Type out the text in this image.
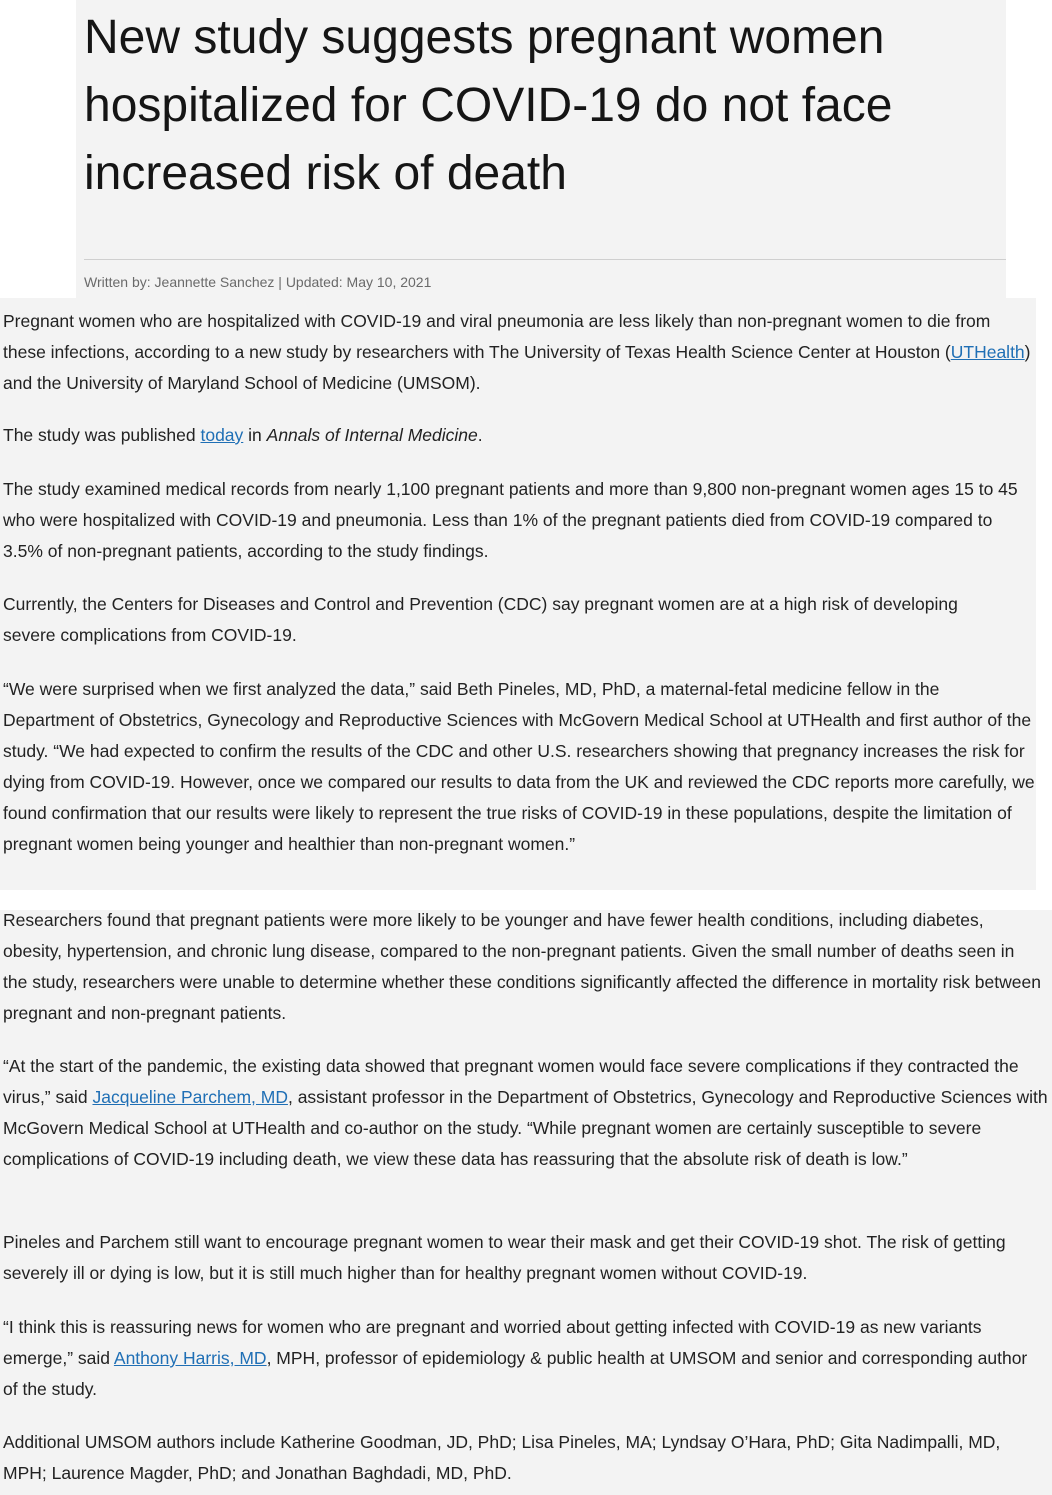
New study suggests pregnant women hospitalized for COVID-19 do not face increased risk of death
Written by: Jeannette Sanchez | Updated: May 10, 2021

Pregnant women who are hospitalized with COVID-19 and viral pneumonia are less likely than non-pregnant women to die from these infections, according to a new study by researchers with The University of Texas Health Science Center at Houston (UTHealth) and the University of Maryland School of Medicine (UMSOM).

The study was published today in Annals of Internal Medicine.

The study examined medical records from nearly 1,100 pregnant patients and more than 9,800 non-pregnant women ages 15 to 45 who were hospitalized with COVID-19 and pneumonia. Less than 1% of the pregnant patients died from COVID-19 compared to 3.5% of non-pregnant patients, according to the study findings.

Currently, the Centers for Diseases and Control and Prevention (CDC) say pregnant women are at a high risk of developing severe complications from COVID-19.

“We were surprised when we first analyzed the data,” said Beth Pineles, MD, PhD, a maternal-fetal medicine fellow in the Department of Obstetrics, Gynecology and Reproductive Sciences with McGovern Medical School at UTHealth and first author of the study. “We had expected to confirm the results of the CDC and other U.S. researchers showing that pregnancy increases the risk for dying from COVID-19. However, once we compared our results to data from the UK and reviewed the CDC reports more carefully, we found confirmation that our results were likely to represent the true risks of COVID-19 in these populations, despite the limitation of pregnant women being younger and healthier than non-pregnant women.”

Researchers found that pregnant patients were more likely to be younger and have fewer health conditions, including diabetes, obesity, hypertension, and chronic lung disease, compared to the non-pregnant patients. Given the small number of deaths seen in the study, researchers were unable to determine whether these conditions significantly affected the difference in mortality risk between pregnant and non-pregnant patients.

“At the start of the pandemic, the existing data showed that pregnant women would face severe complications if they contracted the virus,” said Jacqueline Parchem, MD, assistant professor in the Department of Obstetrics, Gynecology and Reproductive Sciences with McGovern Medical School at UTHealth and co-author on the study. “While pregnant women are certainly susceptible to severe complications of COVID-19 including death, we view these data has reassuring that the absolute risk of death is low.”

Pineles and Parchem still want to encourage pregnant women to wear their mask and get their COVID-19 shot. The risk of getting severely ill or dying is low, but it is still much higher than for healthy pregnant women without COVID-19.

“I think this is reassuring news for women who are pregnant and worried about getting infected with COVID-19 as new variants emerge,” said Anthony Harris, MD, MPH, professor of epidemiology & public health at UMSOM and senior and corresponding author of the study.

Additional UMSOM authors include Katherine Goodman, JD, PhD; Lisa Pineles, MA; Lyndsay O’Hara, PhD; Gita Nadimpalli, MD, MPH; Laurence Magder, PhD; and Jonathan Baghdadi, MD, PhD.
